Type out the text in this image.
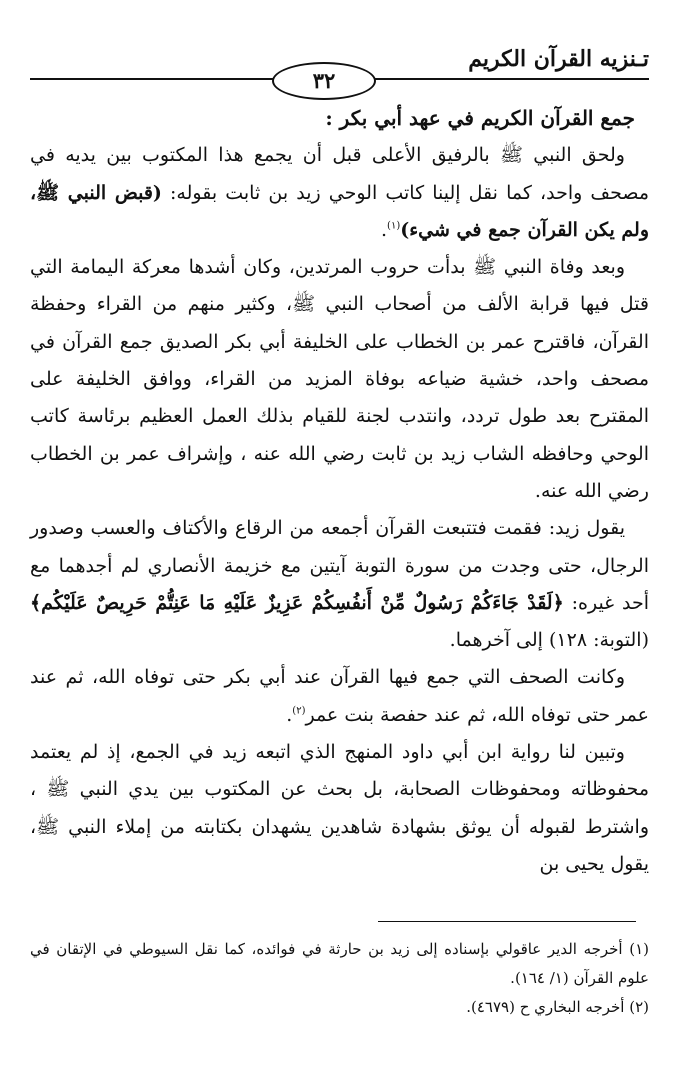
تـنزيه القرآن الكريم
٣٢

جمع القرآن الكريم في عهد أبي بكر :

ولحق النبي ﷺ بالرفيق الأعلى قبل أن يجمع هذا المكتوب بين يديه في مصحف واحد، كما نقل إلينا كاتب الوحي زيد بن ثابت بقوله: (قبض النبي ﷺ، ولم يكن القرآن جمع في شيء)$^{(١)}$.

وبعد وفاة النبي ﷺ بدأت حروب المرتدين، وكان أشدها معركة اليمامة التي قتل فيها قرابة الألف من أصحاب النبي ﷺ، وكثير منهم من القراء وحفظة القرآن، فاقترح عمر بن الخطاب على الخليفة أبي بكر الصديق جمع القرآن في مصحف واحد، خشية ضياعه بوفاة المزيد من القراء، ووافق الخليفة على المقترح بعد طول تردد، وانتدب لجنة للقيام بذلك العمل العظيم برئاسة كاتب الوحي وحافظه الشاب زيد بن ثابت رضي الله عنه ، وإشراف عمر بن الخطاب رضي الله عنه.

يقول زيد: فقمت فتتبعت القرآن أجمعه من الرقاع والأكتاف والعسب وصدور الرجال، حتى وجدت من سورة التوبة آيتين مع خزيمة الأنصاري لم أجدهما مع أحد غيره: ﴿لَقَدْ جَاءَكُمْ رَسُولٌ مِّنْ أَنفُسِكُمْ عَزِيزٌ عَلَيْهِ مَا عَنِتُّمْ حَرِيصٌ عَلَيْكُم﴾ (التوبة: ١٢٨) إلى آخرهما.

وكانت الصحف التي جمع فيها القرآن عند أبي بكر حتى توفاه الله، ثم عند عمر حتى توفاه الله، ثم عند حفصة بنت عمر$^{(٢)}$.

وتبين لنا رواية ابن أبي داود المنهج الذي اتبعه زيد في الجمع، إذ لم يعتمد محفوظاته ومحفوظات الصحابة، بل بحث عن المكتوب بين يدي النبي ﷺ ، واشترط لقبوله أن يوثق بشهادة شاهدين يشهدان بكتابته من إملاء النبي ﷺ، يقول يحيى بن

(١) أخرجه الدير عاقولي بإسناده إلى زيد بن حارثة في فوائده، كما نقل السيوطي في الإتقان في علوم القرآن (١/ ١٦٤).

(٢) أخرجه البخاري ح (٤٦٧٩).
